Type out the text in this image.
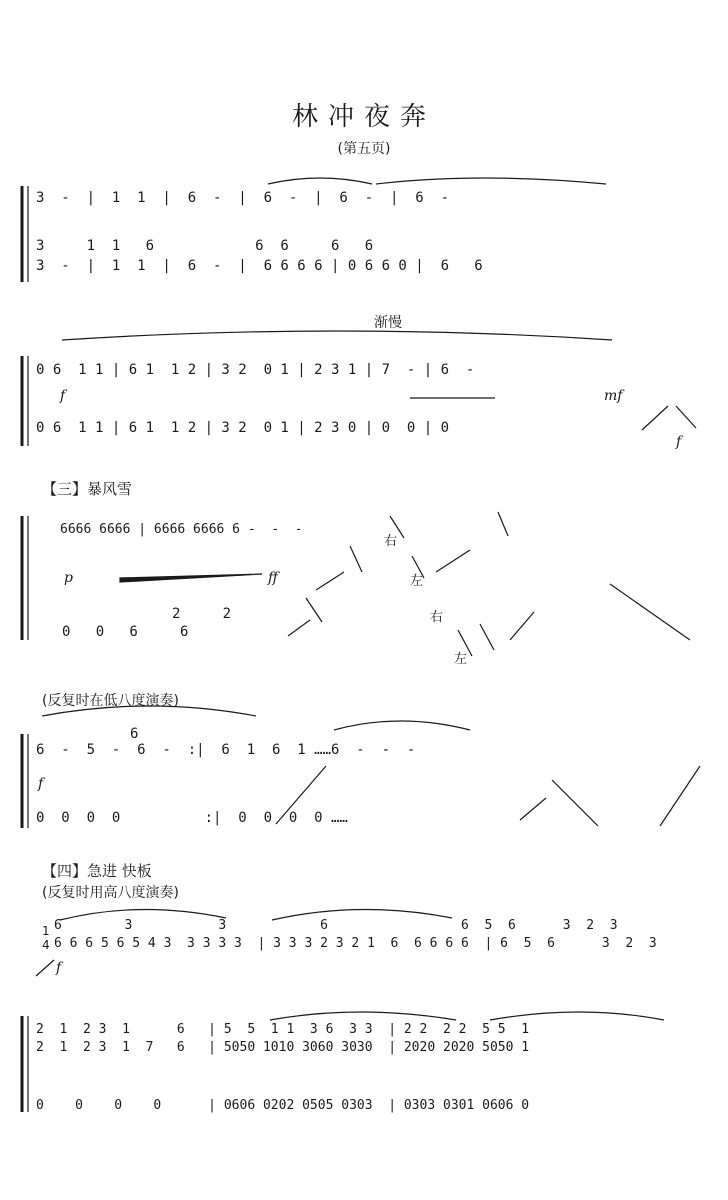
林冲夜奔
(第五页)
3  -  |  1  1  |  6  -  |  6  -  |  6  -  |  6  -
3     1  1   6            6  6     6   6
3  -  |  1  1  |  6  -  |  6 6 6 6 | 0 6 6 0 |  6   6
渐慢
0 6  1 1 | 6 1  1 2 | 3 2  0 1 | 2 3 1 | 7  - | 6  -
f	mf
0 6  1 1 | 6 1  1 2 | 3 2  0 1 | 2 3 0 | 0  0 | 0
f
【三】暴风雪
6666 6666 | 6666 6666 6 -  -  -
p	ff
2     2
0   0   6     6
右
左
右
左
(反复时在低八度演奏)
6
6  -  5  -  6  -  :|  6  1  6  1 ……6  -  -  -
f
0  0  0  0          :|  0  0  0  0 ……
【四】急进 快板
(反复时用高八度演奏)
1
4
6        3           3            6                 6  5  6      3  2  3
6 6 6 5 6 5 4 3  3 3 3 3  | 3 3 3 2 3 2 1  6  6 6 6 6  | 6  5  6      3  2  3
f
2  1  2 3  1      6   | 5  5  1 1  3 6  3 3  | 2 2  2 2  5 5  1
2  1  2 3  1  7   6   | 5050 1010 3060 3030  | 2020 2020 5050 1
0    0    0    0      | 0606 0202 0505 0303  | 0303 0301 0606 0
